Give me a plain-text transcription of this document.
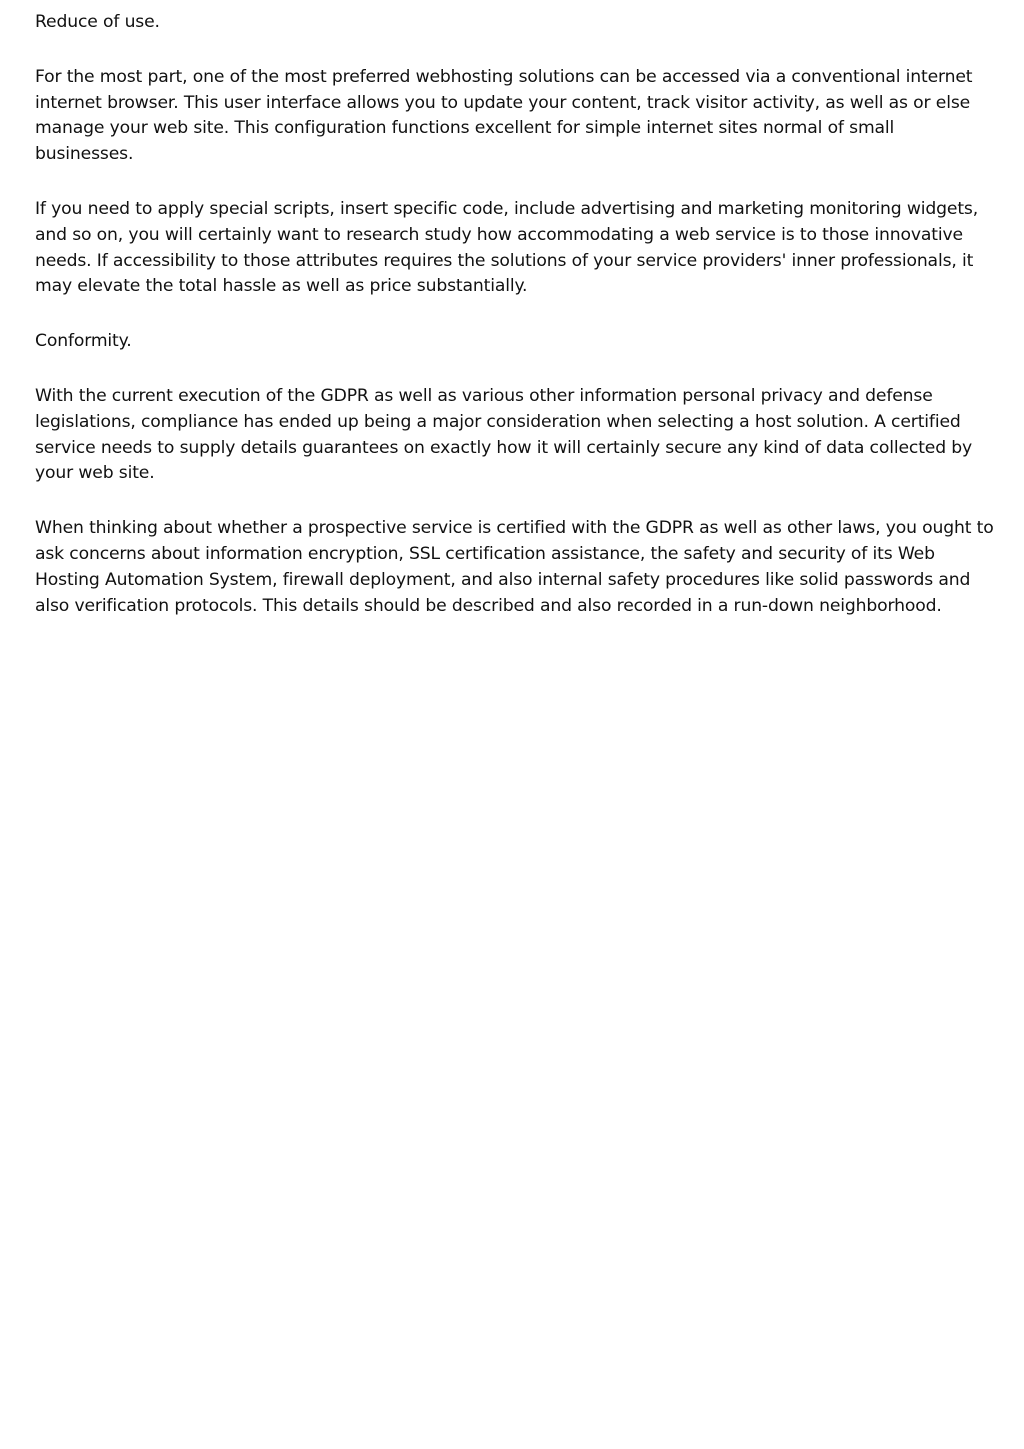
Reduce of use.

For the most part, one of the most preferred webhosting solutions can be accessed via a conventional internet internet browser. This user interface allows you to update your content, track visitor activity, as well as or else manage your web site. This configuration functions excellent for simple internet sites normal of small businesses.

If you need to apply special scripts, insert specific code, include advertising and marketing monitoring widgets, and so on, you will certainly want to research study how accommodating a web service is to those innovative needs. If accessibility to those attributes requires the solutions of your service providers' inner professionals, it may elevate the total hassle as well as price substantially.

Conformity.

With the current execution of the GDPR as well as various other information personal privacy and defense legislations, compliance has ended up being a major consideration when selecting a host solution. A certified service needs to supply details guarantees on exactly how it will certainly secure any kind of data collected by your web site.

When thinking about whether a prospective service is certified with the GDPR as well as other laws, you ought to ask concerns about information encryption, SSL certification assistance, the safety and security of its Web Hosting Automation System, firewall deployment, and also internal safety procedures like solid passwords and also verification protocols. This details should be described and also recorded in a run-down neighborhood.
